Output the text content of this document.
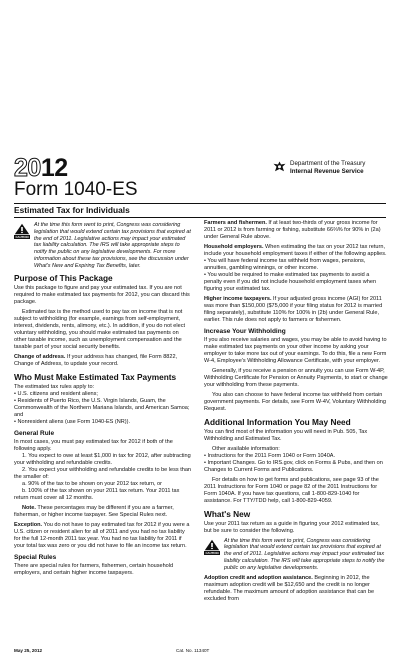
2012
Form 1040-ES
Estimated Tax for Individuals
Department of the Treasury
Internal Revenue Service
CAUTION
At the time this form went to print, Congress was considering legislation that would extend certain tax provisions that expired at the end of 2011. Legislative actions may impact your estimated tax liability calculation. The IRS will take appropriate steps to notify the public on any legislative developments. For more information about these tax provisions, see the discussion under What's New and Expiring Tax Benefits, later.
Purpose of This Package

Use this package to figure and pay your estimated tax. If you are not required to make estimated tax payments for 2012, you can discard this package.

Estimated tax is the method used to pay tax on income that is not subject to withholding (for example, earnings from self-employment, interest, dividends, rents, alimony, etc.). In addition, if you do not elect voluntary withholding, you should make estimated tax payments on other taxable income, such as unemployment compensation and the taxable part of your social security benefits.

Change of address. If your address has changed, file Form 8822, Change of Address, to update your record.

Who Must Make Estimated Tax Payments

The estimated tax rules apply to:

• U.S. citizens and resident aliens;

• Residents of Puerto Rico, the U.S. Virgin Islands, Guam, the Commonwealth of the Northern Mariana Islands, and American Samoa; and

• Nonresident aliens (use Form 1040-ES (NR)).

General Rule

In most cases, you must pay estimated tax for 2012 if both of the following apply.

1. You expect to owe at least $1,000 in tax for 2012, after subtracting your withholding and refundable credits.

2. You expect your withholding and refundable credits to be less than the smaller of:

a. 90% of the tax to be shown on your 2012 tax return, or

b. 100% of the tax shown on your 2011 tax return. Your 2011 tax return must cover all 12 months.

Note. These percentages may be different if you are a farmer, fisherman, or higher income taxpayer. See Special Rules next.

Exception. You do not have to pay estimated tax for 2012 if you were a U.S. citizen or resident alien for all of 2011 and you had no tax liability for the full 12-month 2011 tax year. You had no tax liability for 2011 if your total tax was zero or you did not have to file an income tax return.

Special Rules

There are special rules for farmers, fishermen, certain household employers, and certain higher income taxpayers.

Farmers and fishermen. If at least two-thirds of your gross income for 2011 or 2012 is from farming or fishing, substitute 66⅔% for 90% in (2a) under General Rule above.

Household employers. When estimating the tax on your 2012 tax return, include your household employment taxes if either of the following applies.

• You will have federal income tax withheld from wages, pensions, annuities, gambling winnings, or other income.

• You would be required to make estimated tax payments to avoid a penalty even if you did not include household employment taxes when figuring your estimated tax.

Higher income taxpayers. If your adjusted gross income (AGI) for 2011 was more than $150,000 ($75,000 if your filing status for 2012 is married filing separately), substitute 110% for 100% in (2b) under General Rule, earlier. This rule does not apply to farmers or fishermen.

Increase Your Withholding

If you also receive salaries and wages, you may be able to avoid having to make estimated tax payments on your other income by asking your employer to take more tax out of your earnings. To do this, file a new Form W-4, Employee's Withholding Allowance Certificate, with your employer.

Generally, if you receive a pension or annuity you can use Form W-4P, Withholding Certificate for Pension or Annuity Payments, to start or change your withholding from these payments.

You also can choose to have federal income tax withheld from certain government payments. For details, see Form W-4V, Voluntary Withholding Request.

Additional Information You May Need

You can find most of the information you will need in Pub. 505, Tax Withholding and Estimated Tax.

Other available information:

• Instructions for the 2011 Form 1040 or Form 1040A.

• Important Changes. Go to IRS.gov, click on Forms & Pubs, and then on Changes to Current Forms and Publications.

For details on how to get forms and publications, see page 93 of the 2011 Instructions for Form 1040 or page 82 of the 2011 Instructions for Form 1040A. If you have tax questions, call 1-800-829-1040 for assistance. For TTY/TDD help, call 1-800-829-4059.

What's New

Use your 2011 tax return as a guide in figuring your 2012 estimated tax, but be sure to consider the following.

CAUTION
At the time this form went to print, Congress was considering legislation that would extend certain tax provisions that expired at the end of 2011. Legislative actions may impact your estimated tax liability calculation. The IRS will take appropriate steps to notify the public on any legislative developments.

Adoption credit and adoption assistance. Beginning in 2012, the maximum adoption credit will be $12,650 and the credit is no longer refundable. The maximum amount of adoption assistance that can be excluded from

May 25, 2012	Cat. No. 11340T
